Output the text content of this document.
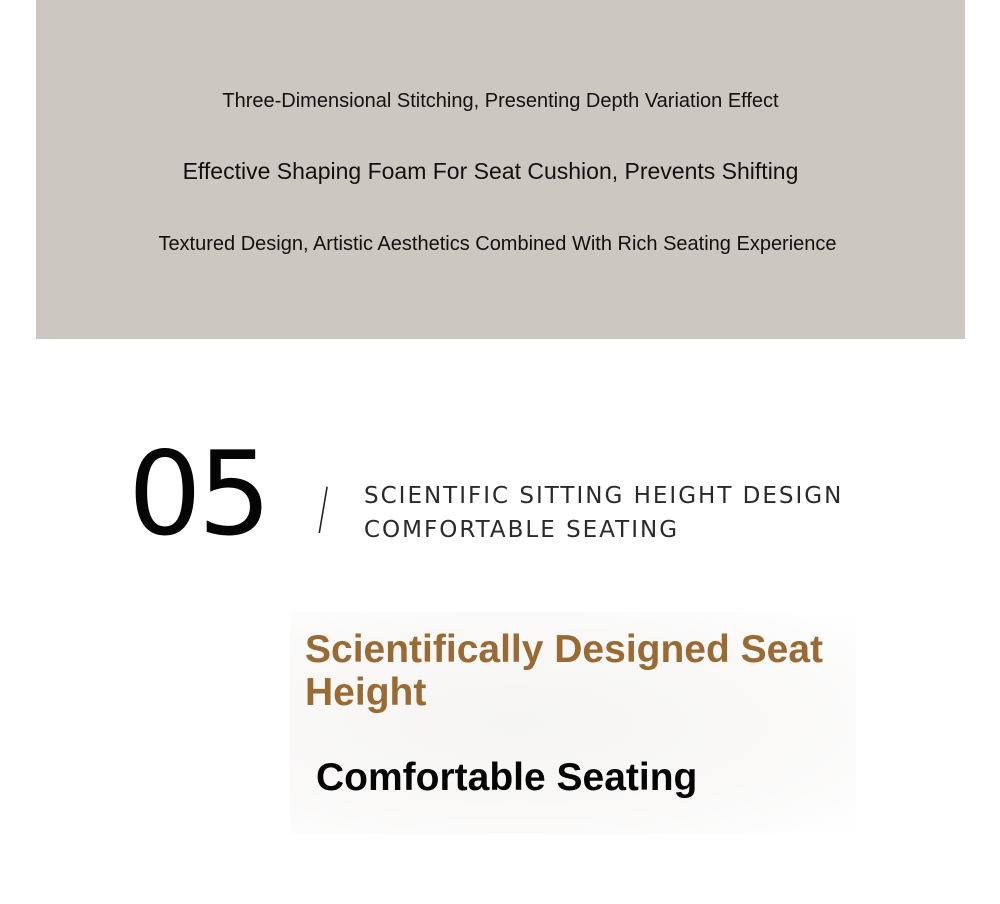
Three-Dimensional Stitching, Presenting Depth Variation Effect
Effective Shaping Foam For Seat Cushion, Prevents Shifting
Textured Design, Artistic Aesthetics Combined With Rich Seating Experience
05 / SCIENTIFIC SITTING HEIGHT DESIGN
COMFORTABLE SEATING
Scientifically Designed Seat Height
Comfortable Seating
